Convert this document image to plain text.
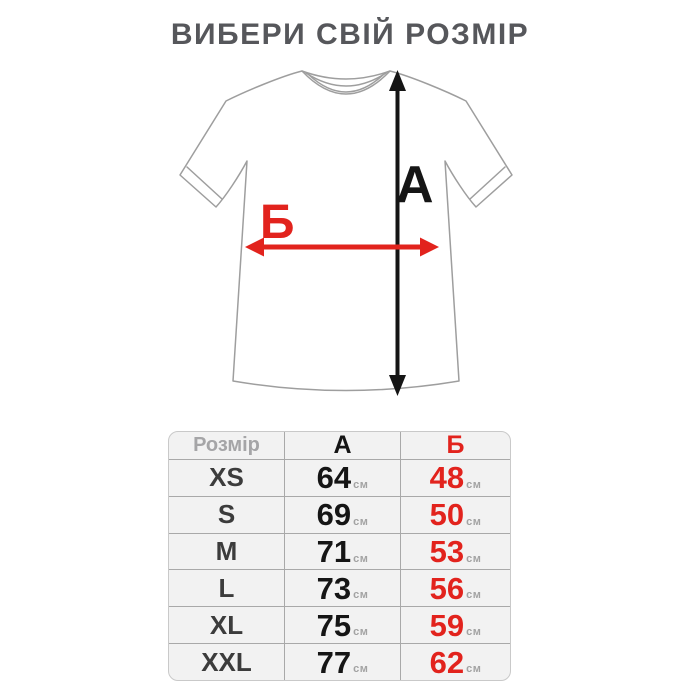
ВИБЕРИ СВІЙ РОЗМІР
А
Б
Розмір	А	Б
XS	64 см 48 см
S	69 см 50 см
M	71 см 53 см
L	73 см 56 см
XL	75 см 59 см
XXL	77 см 62 см
